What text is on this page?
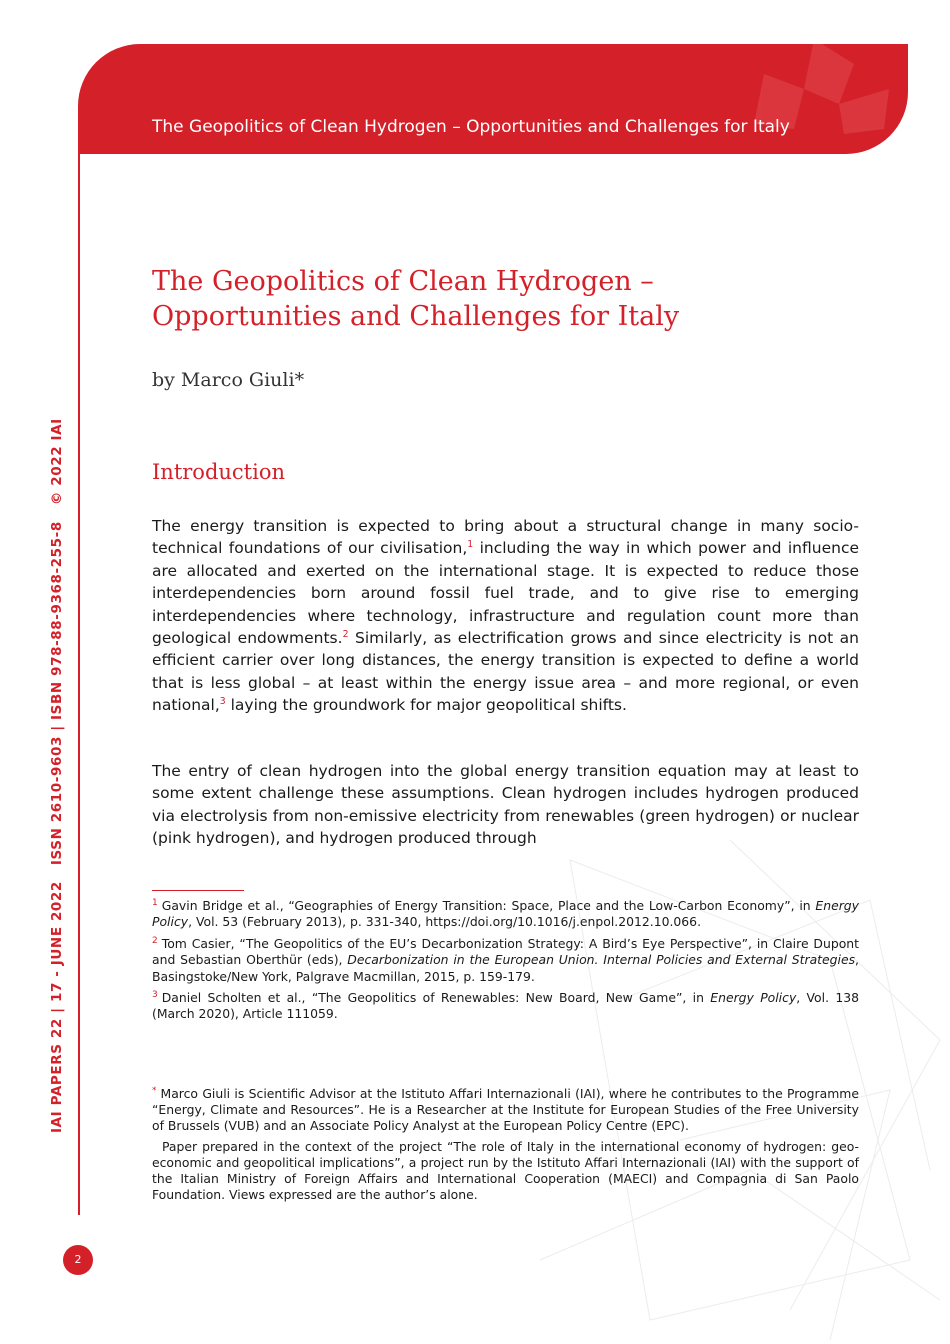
The Geopolitics of Clean Hydrogen – Opportunities and Challenges for Italy
IAI PAPERS 22 | 17 - JUNE 2022ISSN 2610-9603 | ISBN 978-88-9368-255-8© 2022 IAI
2
The Geopolitics of Clean Hydrogen –
Opportunities and Challenges for Italy
by Marco Giuli*
Introduction

The energy transition is expected to bring about a structural change in many socio-technical foundations of our civilisation,$^1$ including the way in which power and influence are allocated and exerted on the international stage. It is expected to reduce those interdependencies born around fossil fuel trade, and to give rise to emerging interdependencies where technology, infrastructure and regulation count more than geological endowments.$^2$ Similarly, as electrification grows and since electricity is not an efficient carrier over long distances, the energy transition is expected to define a world that is less global – at least within the energy issue area – and more regional, or even national,$^3$ laying the groundwork for major geopolitical shifts.

The entry of clean hydrogen into the global energy transition equation may at least to some extent challenge these assumptions. Clean hydrogen includes hydrogen produced via electrolysis from non-emissive electricity from renewables (green hydrogen) or nuclear (pink hydrogen), and hydrogen produced through

$^1$ Gavin Bridge et al., “Geographies of Energy Transition: Space, Place and the Low-Carbon Economy”, in Energy Policy, Vol. 53 (February 2013), p. 331-340, https://doi.org/10.1016/j.enpol.2012.10.066.

$^2$ Tom Casier, “The Geopolitics of the EU’s Decarbonization Strategy: A Bird’s Eye Perspective”, in Claire Dupont and Sebastian Oberthür (eds), Decarbonization in the European Union. Internal Policies and External Strategies, Basingstoke/New York, Palgrave Macmillan, 2015, p. 159-179.

$^3$ Daniel Scholten et al., “The Geopolitics of Renewables: New Board, New Game”, in Energy Policy, Vol. 138 (March 2020), Article 111059.

* Marco Giuli is Scientific Advisor at the Istituto Affari Internazionali (IAI), where he contributes to the Programme “Energy, Climate and Resources”. He is a Researcher at the Institute for European Studies of the Free University of Brussels (VUB) and an Associate Policy Analyst at the European Policy Centre (EPC).

Paper prepared in the context of the project “The role of Italy in the international economy of hydrogen: geo-economic and geopolitical implications”, a project run by the Istituto Affari Internazionali (IAI) with the support of the Italian Ministry of Foreign Affairs and International Cooperation (MAECI) and Compagnia di San Paolo Foundation. Views expressed are the author’s alone.
